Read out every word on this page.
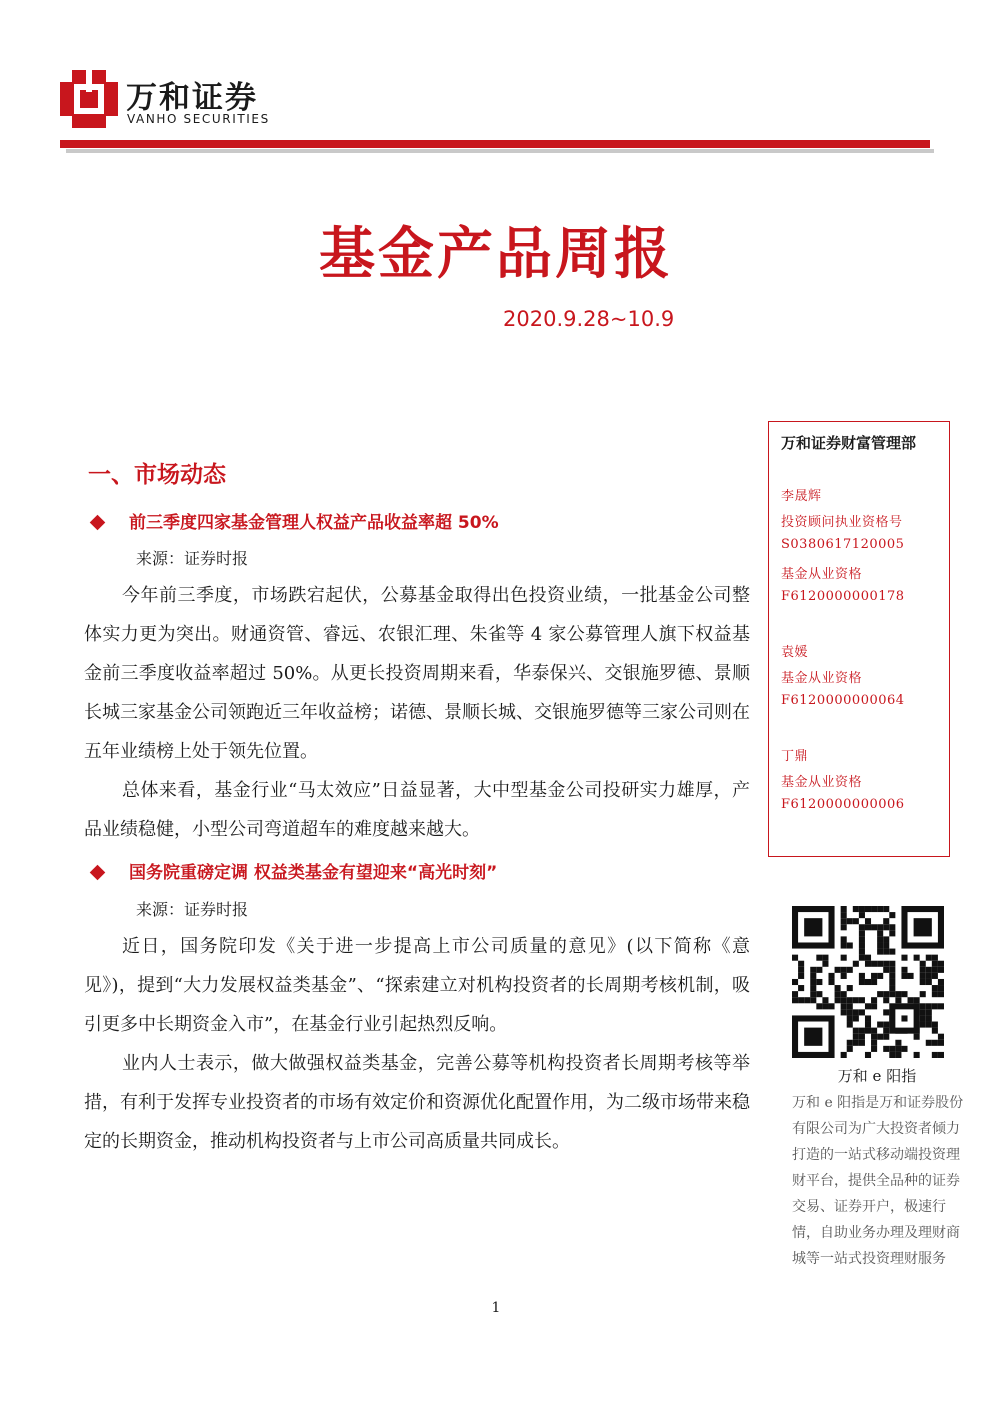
万和证券
VANHO SECURITIES
基金产品周报
2020.9.28~10.9
一、市场动态
前三季度四家基金管理人权益产品收益率超 50%
来源：证券时报

今年前三季度，市场跌宕起伏，公募基金取得出色投资业绩，一批基金公司整体实力更为突出。财通资管、睿远、农银汇理、朱雀等 4 家公募管理人旗下权益基金前三季度收益率超过 50%。从更长投资周期来看，华泰保兴、交银施罗德、景顺长城三家基金公司领跑近三年收益榜；诺德、景顺长城、交银施罗德等三家公司则在五年业绩榜上处于领先位置。

总体来看，基金行业“马太效应”日益显著，大中型基金公司投研实力雄厚，产品业绩稳健，小型公司弯道超车的难度越来越大。

国务院重磅定调 权益类基金有望迎来“高光时刻”
来源：证券时报

近日，国务院印发《关于进一步提高上市公司质量的意见》(以下简称《意见》)，提到“大力发展权益类基金”、“探索建立对机构投资者的长周期考核机制，吸引更多中长期资金入市”，在基金行业引起热烈反响。

业内人士表示，做大做强权益类基金，完善公募等机构投资者长周期考核等举措，有利于发挥专业投资者的市场有效定价和资源优化配置作用，为二级市场带来稳定的长期资金，推动机构投资者与上市公司高质量共同成长。

万和证券财富管理部
李晟辉
投资顾问执业资格号
S0380617120005
基金从业资格
F6120000000178
袁媛
基金从业资格
F6120000000064
丁鼎
基金从业资格
F6120000000006
万和 e 阳指

万和 e 阳指是万和证券股份有限公司为广大投资者倾力打造的一站式移动端投资理财平台，提供全品种的证券交易、证券开户，极速行情，自助业务办理及理财商城等一站式投资理财服务

1
